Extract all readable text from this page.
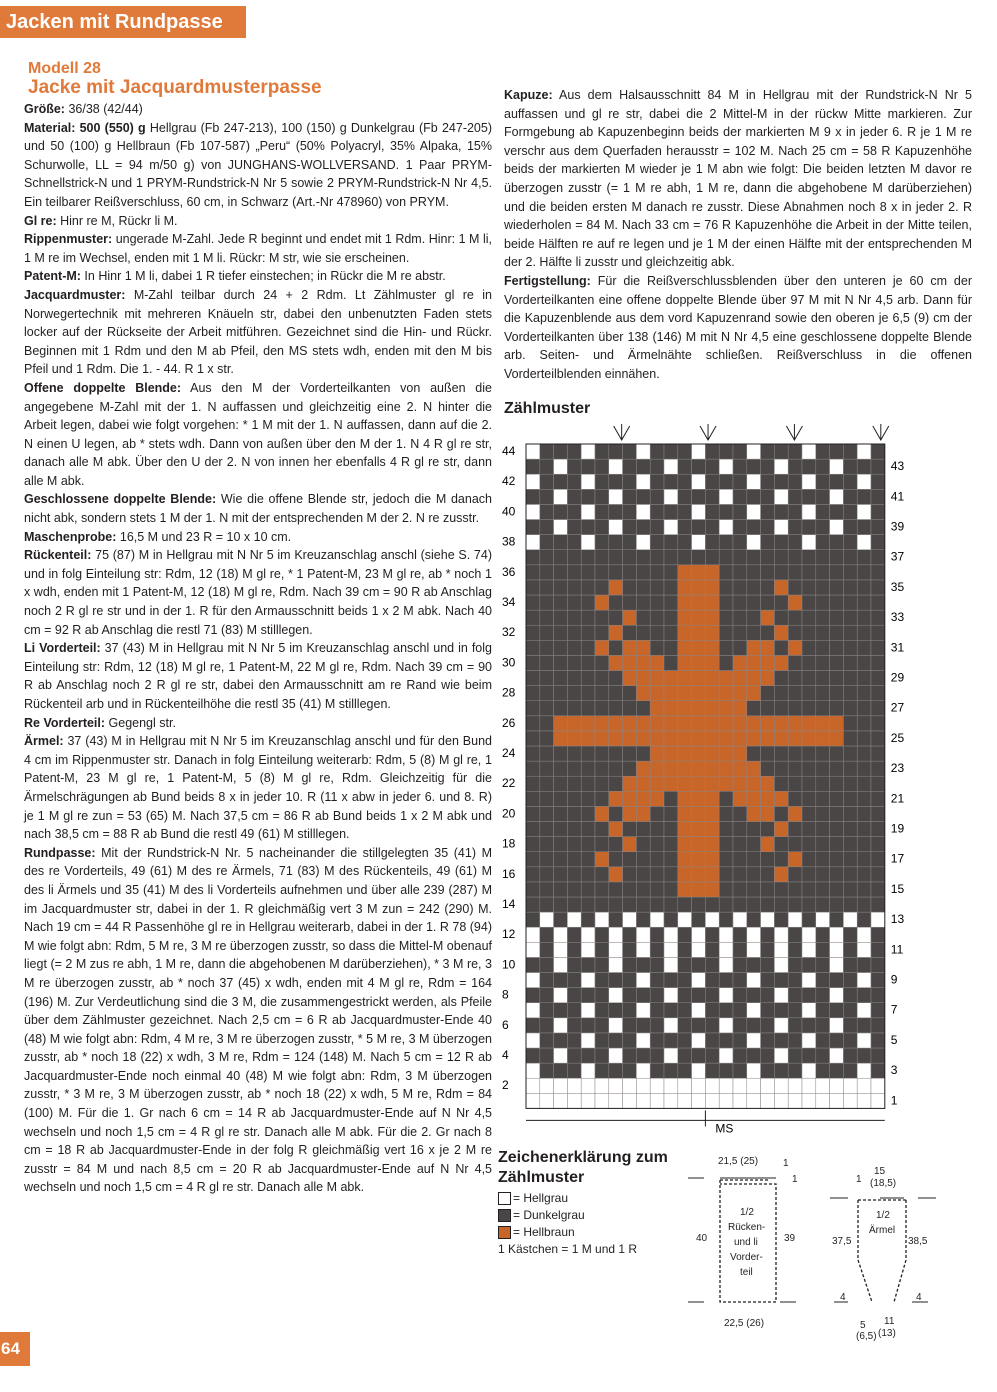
Jacken mit Rundpasse
Modell 28
Jacke mit Jacquardmusterpasse

Größe: 36/38 (42/44)

Material: 500 (550) g Hellgrau (Fb 247-213), 100 (150) g Dunkelgrau (Fb 247-205) und 50 (100) g Hellbraun (Fb 107-587) „Peru“ (50% Polyacryl, 35% Alpaka, 15% Schurwolle, LL = 94 m/50 g) von JUNGHANS-WOLLVERSAND. 1 Paar PRYM-Schnellstrick-N und 1 PRYM-Rundstrick-N Nr 5 sowie 2 PRYM-Rundstrick-N Nr 4,5. Ein teilbarer Reißverschluss, 60 cm, in Schwarz (Art.-Nr 478960) von PRYM.

Gl re: Hinr re M, Rückr li M.

Rippenmuster: ungerade M-Zahl. Jede R beginnt und endet mit 1 Rdm. Hinr: 1 M li, 1 M re im Wechsel, enden mit 1 M li. Rückr: M str, wie sie erscheinen.

Patent-M: In Hinr 1 M li, dabei 1 R tiefer einstechen; in Rückr die M re abstr.

Jacquardmuster: M-Zahl teilbar durch 24 + 2 Rdm. Lt Zählmuster gl re in Norwegertechnik mit mehreren Knäueln str, dabei den unbenutzten Faden stets locker auf der Rückseite der Arbeit mitführen. Gezeichnet sind die Hin- und Rückr. Beginnen mit 1 Rdm und den M ab Pfeil, den MS stets wdh, enden mit den M bis Pfeil und 1 Rdm. Die 1. - 44. R 1 x str.

Offene doppelte Blende: Aus den M der Vorderteilkanten von außen die angegebene M-Zahl mit der 1. N auffassen und gleichzeitig eine 2. N hinter die Arbeit legen, dabei wie folgt vorgehen: * 1 M mit der 1. N auffassen, dann auf die 2. N einen U legen, ab * stets wdh. Dann von außen über den M der 1. N 4 R gl re str, danach alle M abk. Über den U der 2. N von innen her ebenfalls 4 R gl re str, dann alle M abk.

Geschlossene doppelte Blende: Wie die offene Blende str, jedoch die M danach nicht abk, sondern stets 1 M der 1. N mit der entsprechenden M der 2. N re zusstr.

Maschenprobe: 16,5 M und 23 R = 10 x 10 cm.

Rückenteil: 75 (87) M in Hellgrau mit N Nr 5 im Kreuzanschlag anschl (siehe S. 74) und in folg Einteilung str: Rdm, 12 (18) M gl re, * 1 Patent-M, 23 M gl re, ab * noch 1 x wdh, enden mit 1 Patent-M, 12 (18) M gl re, Rdm. Nach 39 cm = 90 R ab Anschlag noch 2 R gl re str und in der 1. R für den Armausschnitt beids 1 x 2 M abk. Nach 40 cm = 92 R ab Anschlag die restl 71 (83) M stilllegen.

Li Vorderteil: 37 (43) M in Hellgrau mit N Nr 5 im Kreuzanschlag anschl und in folg Einteilung str: Rdm, 12 (18) M gl re, 1 Patent-M, 22 M gl re, Rdm. Nach 39 cm = 90 R ab Anschlag noch 2 R gl re str, dabei den Armausschnitt am re Rand wie beim Rückenteil arb und in Rückenteilhöhe die restl 35 (41) M stilllegen.

Re Vorderteil: Gegengl str.

Ärmel: 37 (43) M in Hellgrau mit N Nr 5 im Kreuzanschlag anschl und für den Bund 4 cm im Rippenmuster str. Danach in folg Einteilung weiterarb: Rdm, 5 (8) M gl re, 1 Patent-M, 23 M gl re, 1 Patent-M, 5 (8) M gl re, Rdm. Gleichzeitig für die Ärmelschrägungen ab Bund beids 8 x in jeder 10. R (11 x abw in jeder 6. und 8. R) je 1 M gl re zun = 53 (65) M. Nach 37,5 cm = 86 R ab Bund beids 1 x 2 M abk und nach 38,5 cm = 88 R ab Bund die restl 49 (61) M stilllegen.

Rundpasse: Mit der Rundstrick-N Nr. 5 nacheinander die stillgelegten 35 (41) M des re Vorderteils, 49 (61) M des re Ärmels, 71 (83) M des Rückenteils, 49 (61) M des li Ärmels und 35 (41) M des li Vorderteils aufnehmen und über alle 239 (287) M im Jacquardmuster str, dabei in der 1. R gleichmäßig vert 3 M zun = 242 (290) M. Nach 19 cm = 44 R Passenhöhe gl re in Hellgrau weiterarb, dabei in der 1. R 78 (94) M wie folgt abn: Rdm, 5 M re, 3 M re überzogen zusstr, so dass die Mittel-M obenauf liegt (= 2 M zus re abh, 1 M re, dann die abgehobenen M darüberziehen), * 3 M re, 3 M re überzogen zusstr, ab * noch 37 (45) x wdh, enden mit 4 M gl re, Rdm = 164 (196) M. Zur Verdeutlichung sind die 3 M, die zusammengestrickt werden, als Pfeile über dem Zählmuster gezeichnet. Nach 2,5 cm = 6 R ab Jacquardmuster-Ende 40 (48) M wie folgt abn: Rdm, 4 M re, 3 M re überzogen zusstr, * 5 M re, 3 M überzogen zusstr, ab * noch 18 (22) x wdh, 3 M re, Rdm = 124 (148) M. Nach 5 cm = 12 R ab Jacquardmuster-Ende noch einmal 40 (48) M wie folgt abn: Rdm, 3 M überzogen zusstr, * 3 M re, 3 M überzogen zusstr, ab * noch 18 (22) x wdh, 5 M re, Rdm = 84 (100) M. Für die 1. Gr nach 6 cm = 14 R ab Jacquardmuster-Ende auf N Nr 4,5 wechseln und noch 1,5 cm = 4 R gl re str. Danach alle M abk. Für die 2. Gr nach 8 cm = 18 R ab Jacquardmuster-Ende in der folg R gleichmäßig vert 16 x je 2 M re zusstr = 84 M und nach 8,5 cm = 20 R ab Jacquardmuster-Ende auf N Nr 4,5 wechseln und noch 1,5 cm = 4 R gl re str. Danach alle M abk.

Kapuze: Aus dem Halsausschnitt 84 M in Hellgrau mit der Rundstrick-N Nr 5 auffassen und gl re str, dabei die 2 Mittel-M in der rückw Mitte markieren. Zur Formgebung ab Kapuzenbeginn beids der markierten M 9 x in jeder 6. R je 1 M re verschr aus dem Querfaden herausstr = 102 M. Nach 25 cm = 58 R Kapuzenhöhe beids der markierten M wieder je 1 M abn wie folgt: Die beiden letzten M davor re überzogen zusstr (= 1 M re abh, 1 M re, dann die abgehobene M darüberziehen) und die beiden ersten M danach re zusstr. Diese Abnahmen noch 8 x in jeder 2. R wiederholen = 84 M. Nach 33 cm = 76 R Kapuzenhöhe die Arbeit in der Mitte teilen, beide Hälften re auf re legen und je 1 M der einen Hälfte mit der entsprechenden M der 2. Hälfte li zusstr und gleichzeitig abk.

Fertigstellung: Für die Reißverschlussblenden über den unteren je 60 cm der Vorderteilkanten eine offene doppelte Blende über 97 M mit N Nr 4,5 arb. Dann für die Kapuzenblende aus dem vord Kapuzenrand sowie den oberen je 6,5 (9) cm der Vorderteilkanten über 138 (146) M mit N Nr 4,5 eine geschlossene doppelte Blende arb. Seiten- und Ärmelnähte schließen. Reißverschluss in die offenen Vorderteilblenden einnähen.

Zählmuster
44
42
40
38
36
34
32
30
28
26
24
22
20
18
16
14
12
10
8
6
4
2
43
41
39
37
35
33
31
29
27
25
23
21
19
17
15
13
11
9
7
5
3
1
MS
Zeichenerklärung zum Zählmuster
= Hellgrau
= Dunkelgrau
= Hellbraun
1 Kästchen = 1 M und 1 R
21,5 (25) 1
1
1/2
Rücken-
und li
Vorder-
teil
40	39
22,5 (26)
15
(18,5)
1
1/2
Ärmel
37,5	38,5
4	4
5
(6,5)
11
(13)
64
